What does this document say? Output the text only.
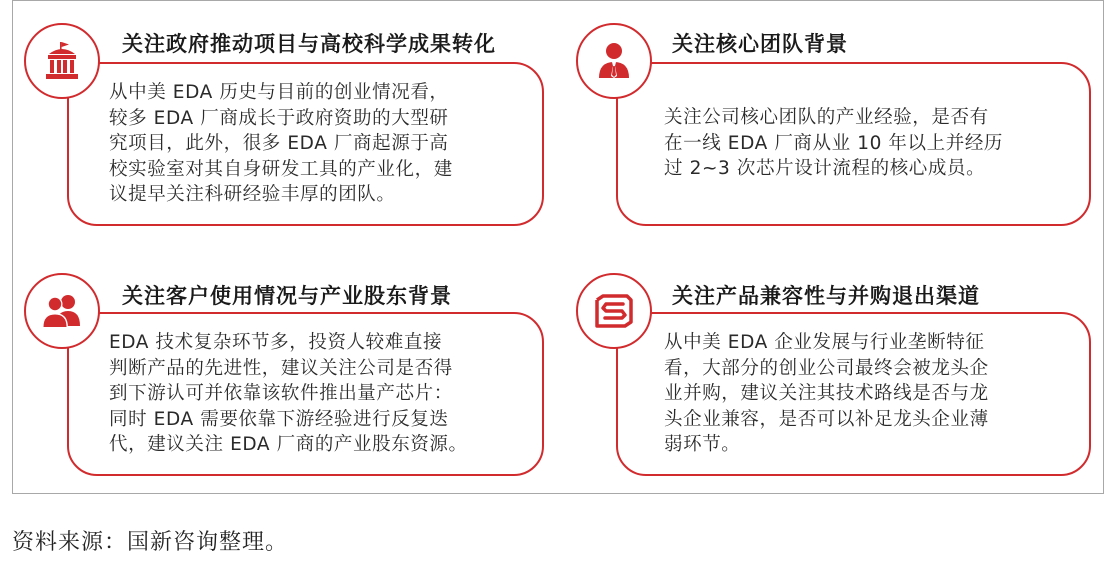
关注政府推动项目与高校科学成果转化
从中美 EDA 历史与目前的创业情况看，
较多 EDA 厂商成长于政府资助的大型研
究项目，此外，很多 EDA 厂商起源于高
校实验室对其自身研发工具的产业化，建
议提早关注科研经验丰厚的团队。
关注核心团队背景
关注公司核心团队的产业经验，是否有
在一线 EDA 厂商从业 10 年以上并经历
过 2~3 次芯片设计流程的核心成员。
关注客户使用情况与产业股东背景
EDA 技术复杂环节多，投资人较难直接
判断产品的先进性，建议关注公司是否得
到下游认可并依靠该软件推出量产芯片：
同时 EDA 需要依靠下游经验进行反复迭
代，建议关注 EDA 厂商的产业股东资源。
关注产品兼容性与并购退出渠道
从中美 EDA 企业发展与行业垄断特征
看，大部分的创业公司最终会被龙头企
业并购，建议关注其技术路线是否与龙
头企业兼容，是否可以补足龙头企业薄
弱环节。
资料来源：国新咨询整理。
